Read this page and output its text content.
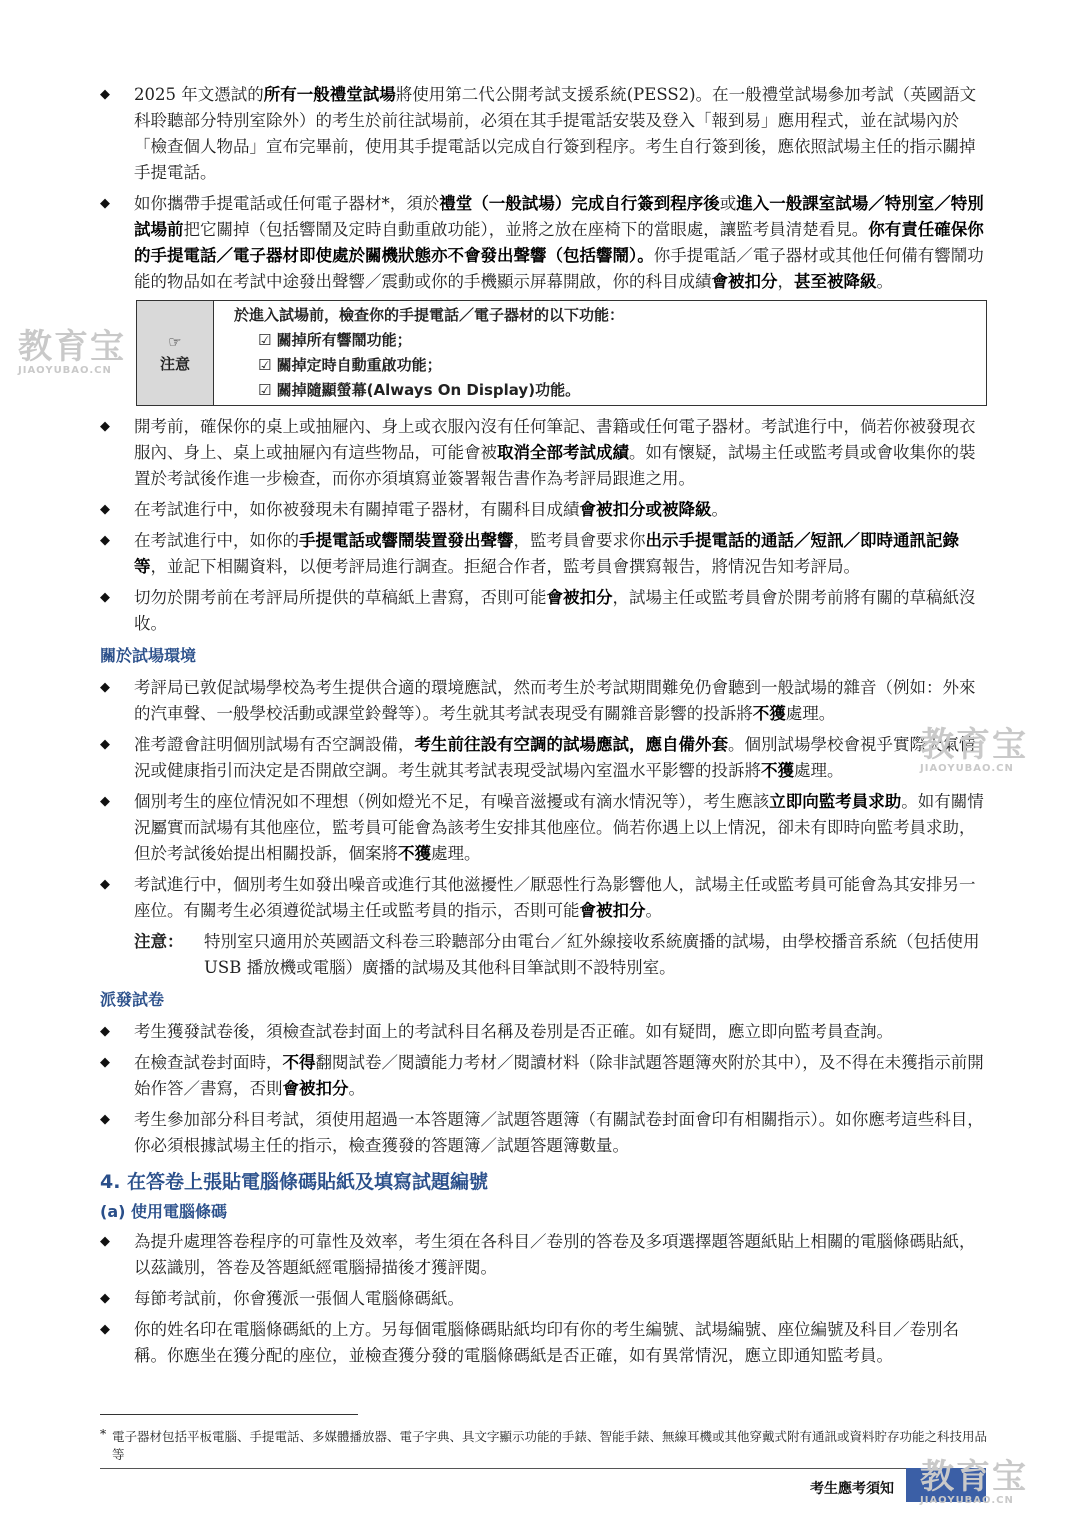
◆ 2025 年文憑試的所有一般禮堂試場將使用第二代公開考試支援系統(PESS2)。在一般禮堂試場參加考試（英國語文科聆聽部分特別室除外）的考生於前往試場前，必須在其手提電話安裝及登入「報到易」應用程式，並在試場內於「檢查個人物品」宣布完畢前，使用其手提電話以完成自行簽到程序。考生自行簽到後，應依照試場主任的指示關掉手提電話。
◆ 如你攜帶手提電話或任何電子器材*，須於禮堂（一般試場）完成自行簽到程序後或進入一般課室試場／特別室／特別試場前把它關掉（包括響鬧及定時自動重啟功能），並將之放在座椅下的當眼處，讓監考員清楚看見。你有責任確保你的手提電話／電子器材即使處於關機狀態亦不會發出聲響（包括響鬧）。你手提電話／電子器材或其他任何備有響鬧功能的物品如在考試中途發出聲響／震動或你的手機顯示屏幕開啟，你的科目成績會被扣分，甚至被降級。
☞
注意
於進入試場前，檢查你的手提電話／電子器材的以下功能：
☑ 關掉所有響鬧功能；
☑ 關掉定時自動重啟功能；
☑ 關掉隨顯螢幕(Always On Display)功能。
◆ 開考前，確保你的桌上或抽屜內、身上或衣服內沒有任何筆記、書籍或任何電子器材。考試進行中，倘若你被發現衣服內、身上、桌上或抽屜內有這些物品，可能會被取消全部考試成績。如有懷疑，試場主任或監考員或會收集你的裝置於考試後作進一步檢查，而你亦須填寫並簽署報告書作為考評局跟進之用。
◆ 在考試進行中，如你被發現未有關掉電子器材，有關科目成績會被扣分或被降級。
◆ 在考試進行中，如你的手提電話或響鬧裝置發出聲響，監考員會要求你出示手提電話的通話／短訊／即時通訊記錄等，並記下相關資料，以便考評局進行調查。拒絕合作者，監考員會撰寫報告，將情況告知考評局。
◆ 切勿於開考前在考評局所提供的草稿紙上書寫，否則可能會被扣分，試場主任或監考員會於開考前將有關的草稿紙沒收。
關於試場環境
◆ 考評局已敦促試場學校為考生提供合適的環境應試，然而考生於考試期間難免仍會聽到一般試場的雜音（例如：外來的汽車聲、一般學校活動或課堂鈴聲等）。考生就其考試表現受有關雜音影響的投訴將不獲處理。
◆ 准考證會註明個別試場有否空調設備，考生前往設有空調的試場應試，應自備外套。個別試場學校會視乎實際天氣情況或健康指引而決定是否開啟空調。考生就其考試表現受試場內室溫水平影響的投訴將不獲處理。
◆ 個別考生的座位情況如不理想（例如燈光不足，有噪音滋擾或有滴水情況等），考生應該立即向監考員求助。如有關情況屬實而試場有其他座位，監考員可能會為該考生安排其他座位。倘若你遇上以上情況，卻未有即時向監考員求助，但於考試後始提出相關投訴，個案將不獲處理。
◆ 考試進行中，個別考生如發出噪音或進行其他滋擾性／厭惡性行為影響他人，試場主任或監考員可能會為其安排另一座位。有關考生必須遵從試場主任或監考員的指示，否則可能會被扣分。
注意：	特別室只適用於英國語文科卷三聆聽部分由電台／紅外線接收系統廣播的試場，由學校播音系統（包括使用 USB 播放機或電腦）廣播的試場及其他科目筆試則不設特別室。
派發試卷
◆ 考生獲發試卷後，須檢查試卷封面上的考試科目名稱及卷別是否正確。如有疑問，應立即向監考員查詢。
◆ 在檢查試卷封面時，不得翻閱試卷／閱讀能力考材／閱讀材料（除非試題答題簿夾附於其中），及不得在未獲指示前開始作答／書寫，否則會被扣分。
◆ 考生參加部分科目考試，須使用超過一本答題簿／試題答題簿（有關試卷封面會印有相關指示）。如你應考這些科目，你必須根據試場主任的指示，檢查獲發的答題簿／試題答題簿數量。
4. 在答卷上張貼電腦條碼貼紙及填寫試題編號
(a) 使用電腦條碼
◆ 為提升處理答卷程序的可靠性及效率，考生須在各科目／卷別的答卷及多項選擇題答題紙貼上相關的電腦條碼貼紙，以茲識別，答卷及答題紙經電腦掃描後才獲評閱。
◆ 每節考試前，你會獲派一張個人電腦條碼紙。
◆ 你的姓名印在電腦條碼紙的上方。另每個電腦條碼貼紙均印有你的考生編號、試場編號、座位編號及科目／卷別名稱。你應坐在獲分配的座位，並檢查獲分發的電腦條碼紙是否正確，如有異常情況，應立即通知監考員。
* 電子器材包括平板電腦、手提電話、多媒體播放器、電子字典、具文字顯示功能的手錶、智能手錶、無線耳機或其他穿戴式附有通訊或資料貯存功能之科技用品等
考生應考須知
教育宝
JIAOYUBAO.CN
教育宝
JIAOYUBAO.CN
教育宝
JIAOYUBAO.CN
